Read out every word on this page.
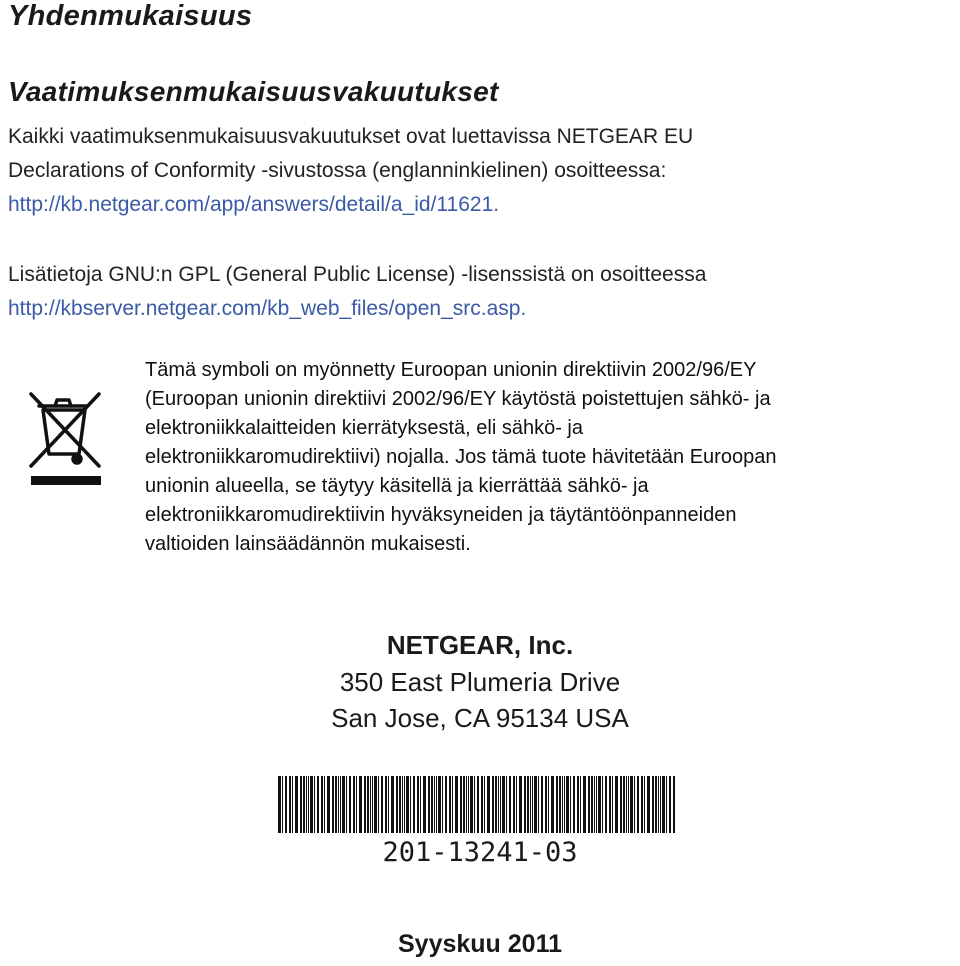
Yhdenmukaisuus
Vaatimuksenmukaisuusvakuutukset
Kaikki vaatimuksenmukaisuusvakuutukset ovat luettavissa NETGEAR EU
Declarations of Conformity -sivustossa (englanninkielinen) osoitteessa:
http://kb.netgear.com/app/answers/detail/a_id/11621.
Lisätietoja GNU:n GPL (General Public License) -lisenssistä on osoitteessa
http://kbserver.netgear.com/kb_web_files/open_src.asp.
Tämä symboli on myönnetty Euroopan unionin direktiivin 2002/96/EY
(Euroopan unionin direktiivi 2002/96/EY käytöstä poistettujen sähkö- ja
elektroniikkalaitteiden kierrätyksestä, eli sähkö- ja
elektroniikkaromudirektiivi) nojalla. Jos tämä tuote hävitetään Euroopan
unionin alueella, se täytyy käsitellä ja kierrättää sähkö- ja
elektroniikkaromudirektiivin hyväksyneiden ja täytäntöönpanneiden
valtioiden lainsäädännön mukaisesti.
NETGEAR, Inc.
350 East Plumeria Drive
San Jose, CA 95134 USA
201-13241-03
Syyskuu 2011
